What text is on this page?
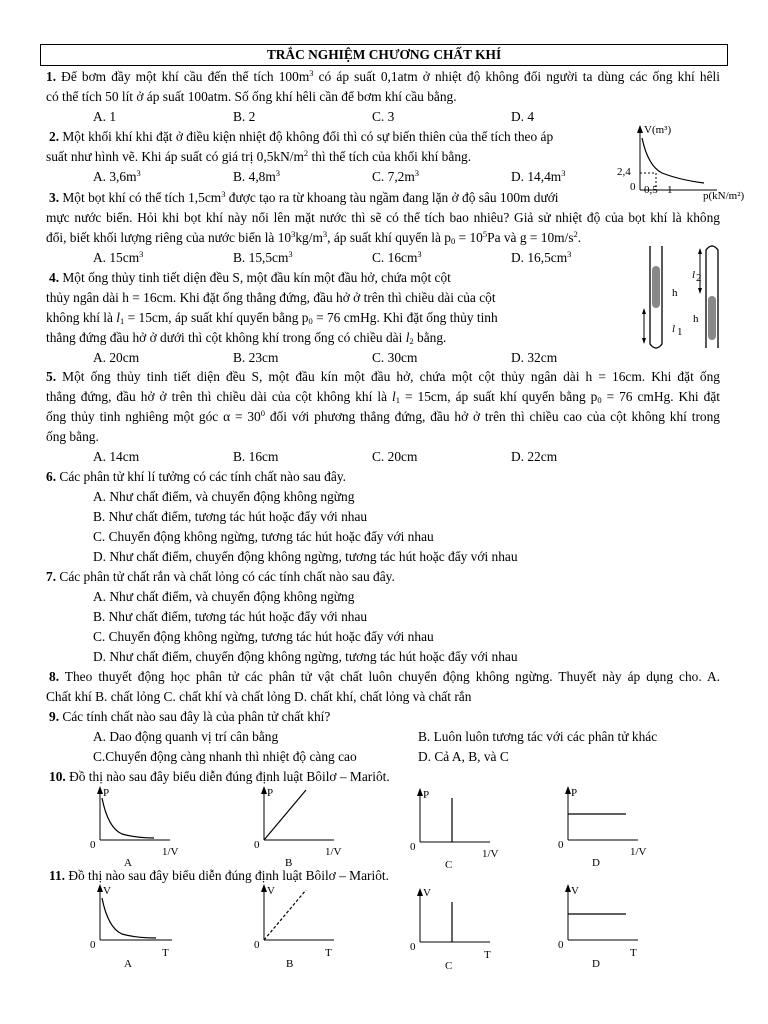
TRẮC NGHIỆM CHƯƠNG CHẤT KHÍ
1. Để bơm đầy một khí cầu đến thể tích $100m^3$ có áp suất 0,1atm ở nhiệt độ không đổi người ta dùng các ống khí hêli
có thể tích 50 lít ở áp suất 100atm. Số ống khí hêli cần để bơm khí cầu bằng.
A. 1	B. 2	C. 3	D. 4
2. Một khối khí khi đặt ở điều kiện nhiệt độ không đổi thì có sự biến thiên của thể tích theo áp
suất như hình vẽ. Khi áp suất có giá trị $0,5kN/m^2$ thì thể tích của khối khí bằng.
A. $3,6m^3$	B. $4,8m^3$	C. $7,2m^3$	D. $14,4m^3$
V(m³)
2,4
0 0,5 1	p(kN/m²)
3. Một bọt khí có thể tích $1,5cm^3$ được tạo ra từ khoang tàu ngầm đang lặn ở độ sâu 100m dưới
mực nước biển. Hỏi khi bọt khí này nổi lên mặt nước thì sẽ có thể tích bao nhiêu? Giả sử nhiệt độ của bọt khí là không
đổi, biết khối lượng riêng của nước biển là $10^3kg/m^3$, áp suất khí quyển là $p_0 = 10^5Pa$ và $g = 10m/s^2$.
A. $15cm^3$	B. $15,5cm^3$	C. $16cm^3$	D. $16,5cm^3$
4. Một ống thủy tinh tiết diện đều S, một đầu kín một đầu hở, chứa một cột
thủy ngân dài h = 16cm. Khi đặt ống thẳng đứng, đầu hở ở trên thì chiều dài của cột
không khí là $l_1 = 15cm$, áp suất khí quyển bằng $p_0 = 76$ cmHg. Khi đặt ống thủy tinh
thẳng đứng đầu hở ở dưới thì cột không khí trong ống có chiều dài $l_2$ bằng.
A. 20cm	B. 23cm	C. 30cm	D. 32cm
h
l 1
l 2
h
5. Một ống thủy tinh tiết diện đều S, một đầu kín một đầu hở, chứa một cột thủy ngân dài h = 16cm. Khi đặt ống
thẳng đứng, đầu hở ở trên thì chiều dài của cột không khí là $l_1 = 15cm$, áp suất khí quyển bằng $p_0 = 76$ cmHg. Khi đặt
ống thủy tinh nghiêng một góc $\alpha = 30^0$ đối với phương thẳng đứng, đầu hở ở trên thì chiều cao của cột không khí trong
ống bằng.
A. 14cm	B. 16cm	C. 20cm	D. 22cm
6. Các phân tử khí lí tưởng có các tính chất nào sau đây.
A. Như chất điểm, và chuyển động không ngừng
B. Như chất điểm, tương tác hút hoặc đẩy với nhau
C. Chuyển động không ngừng, tương tác hút hoặc đẩy với nhau
D. Như chất điểm, chuyển động không ngừng, tương tác hút hoặc đẩy với nhau
7. Các phân tử chất rắn và chất lỏng có các tính chất nào sau đây.
A. Như chất điểm, và chuyển động không ngừng
B. Như chất điểm, tương tác hút hoặc đẩy với nhau
C. Chuyển động không ngừng, tương tác hút hoặc đẩy với nhau
D. Như chất điểm, chuyển động không ngừng, tương tác hút hoặc đẩy với nhau
8. Theo thuyết động học phân tử các phân tử vật chất luôn chuyển động không ngừng. Thuyết này áp dụng cho. A.
Chất khí B. chất lỏng C. chất khí và chất lỏng D. chất khí, chất lỏng và chất rắn
9. Các tính chất nào sau đây là của phân tử chất khí?
A. Dao động quanh vị trí cân bằng	B. Luôn luôn tương tác với các phân tử khác
C.Chuyển động càng nhanh thì nhiệt độ càng cao	D. Cả A, B, và C
10. Đồ thị nào sau đây biểu diễn đúng định luật Bôilơ – Mariôt.
P
0
1/V
A
P
0
1/V
B
P
0
1/V
C
P
0
1/V
D
11. Đồ thị nào sau đây biểu diễn đúng định luật Bôilơ – Mariôt.
V
0
T
A
V
0
T
B
V
0
T
C
V
0
T
D
